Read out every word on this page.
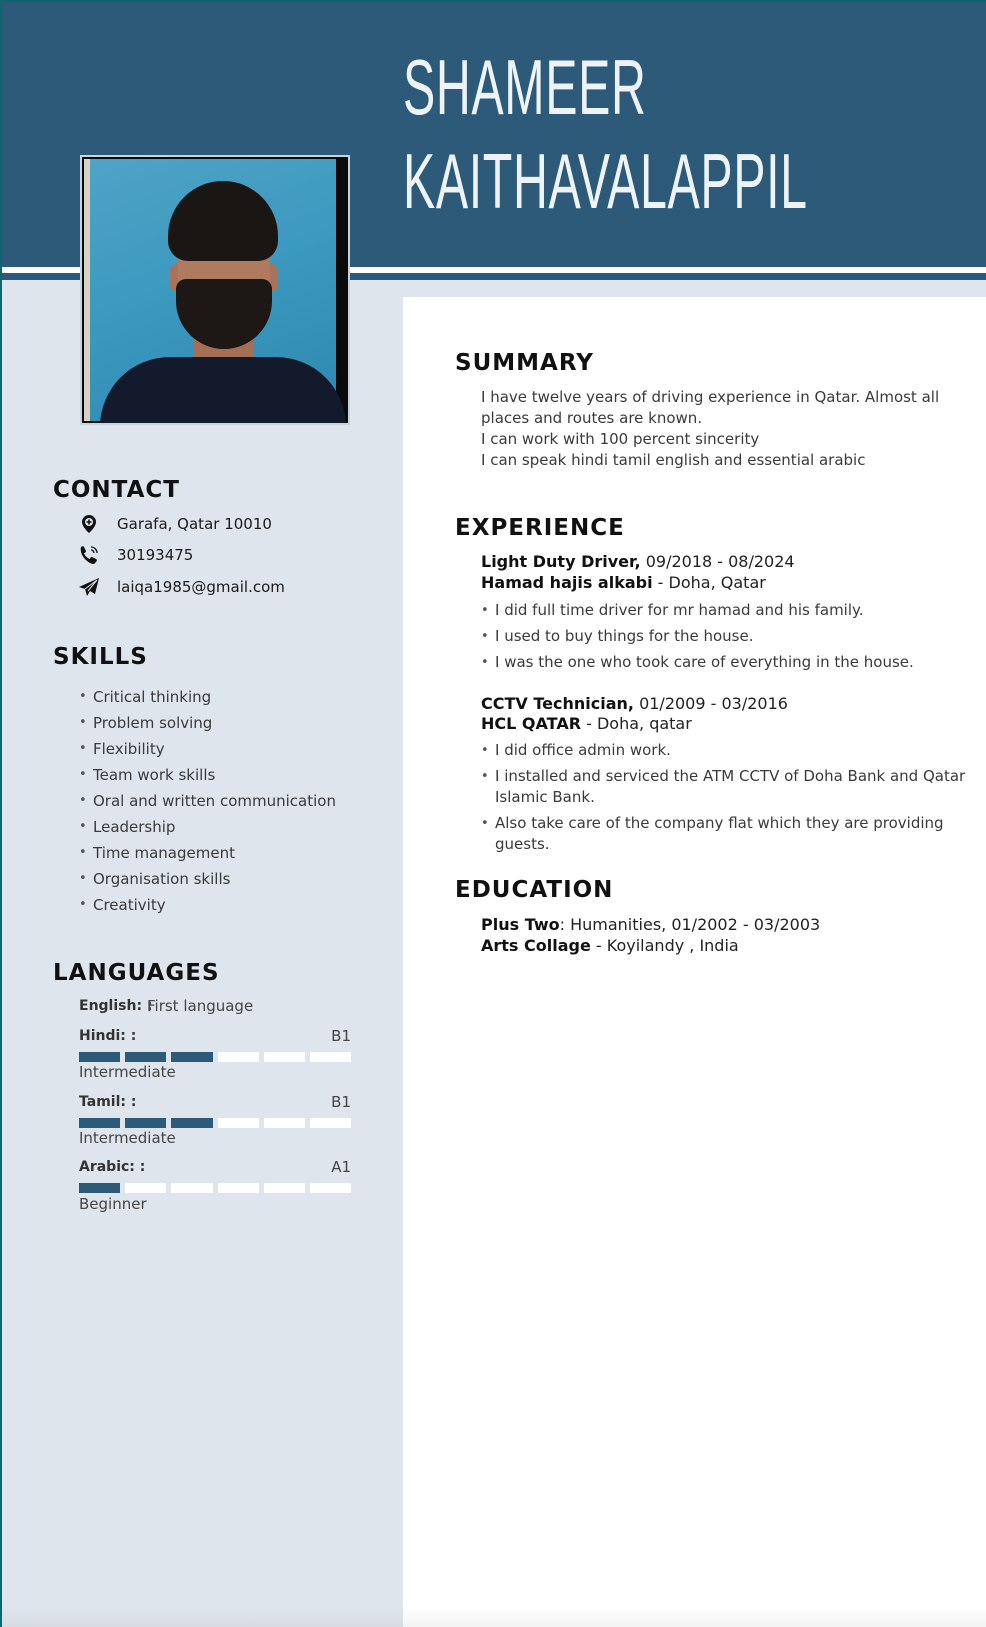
SHAMEER
KAITHAVALAPPIL
CONTACT
Garafa, Qatar 10010
30193475
laiqa1985@gmail.com
SKILLS
• Critical thinking
• Problem solving
• Flexibility
• Team work skills
• Oral and written communication
• Leadership
• Time management
• Organisation skills
• Creativity
LANGUAGES
English: :
First language
Hindi: :	B1
Intermediate
Tamil: :	B1
Intermediate
Arabic: :	A1
Beginner
SUMMARY
I have twelve years of driving experience in Qatar. Almost all places and routes are known.
I can work with 100 percent sincerity
I can speak hindi tamil english and essential arabic
EXPERIENCE
Light Duty Driver, 09/2018 - 08/2024
Hamad hajis alkabi - Doha, Qatar
• I did full time driver for mr hamad and his family.
• I used to buy things for the house.
• I was the one who took care of everything in the house.
CCTV Technician, 01/2009 - 03/2016
HCL QATAR - Doha, qatar
• I did office admin work.
• I installed and serviced the ATM CCTV of Doha Bank and Qatar Islamic Bank.
• Also take care of the company flat which they are providing guests.
EDUCATION
Plus Two: Humanities, 01/2002 - 03/2003
Arts Collage - Koyilandy , India
